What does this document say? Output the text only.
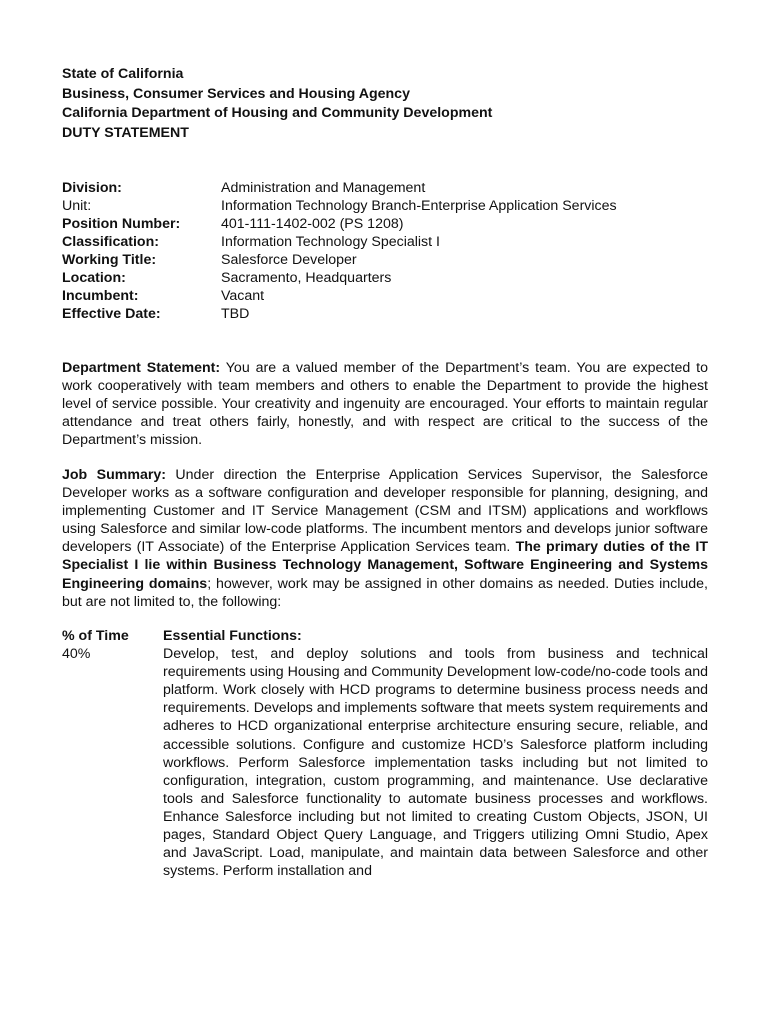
State of California
Business, Consumer Services and Housing Agency
California Department of Housing and Community Development
DUTY STATEMENT
Division:	Administration and Management
Unit:	Information Technology Branch-Enterprise Application Services
Position Number:	401-111-1402-002 (PS 1208)
Classification:	Information Technology Specialist I
Working Title:	Salesforce Developer
Location:	Sacramento, Headquarters
Incumbent:	Vacant
Effective Date:	TBD
Department Statement: You are a valued member of the Department’s team. You are expected to work cooperatively with team members and others to enable the Department to provide the highest level of service possible. Your creativity and ingenuity are encouraged. Your efforts to maintain regular attendance and treat others fairly, honestly, and with respect are critical to the success of the Department’s mission.
Job Summary: Under direction the Enterprise Application Services Supervisor, the Salesforce Developer works as a software configuration and developer responsible for planning, designing, and implementing Customer and IT Service Management (CSM and ITSM) applications and workflows using Salesforce and similar low-code platforms. The incumbent mentors and develops junior software developers (IT Associate) of the Enterprise Application Services team. The primary duties of the IT Specialist I lie within Business Technology Management, Software Engineering and Systems Engineering domains; however, work may be assigned in other domains as needed. Duties include, but are not limited to, the following:
% of Time	Essential Functions:
40%	Develop, test, and deploy solutions and tools from business and technical requirements using Housing and Community Development low-code/no-code tools and platform. Work closely with HCD programs to determine business process needs and requirements. Develops and implements software that meets system requirements and adheres to HCD organizational enterprise architecture ensuring secure, reliable, and accessible solutions. Configure and customize HCD’s Salesforce platform including workflows. Perform Salesforce implementation tasks including but not limited to configuration, integration, custom programming, and maintenance. Use declarative tools and Salesforce functionality to automate business processes and workflows. Enhance Salesforce including but not limited to creating Custom Objects, JSON, UI pages, Standard Object Query Language, and Triggers utilizing Omni Studio, Apex and JavaScript. Load, manipulate, and maintain data between Salesforce and other systems. Perform installation and
